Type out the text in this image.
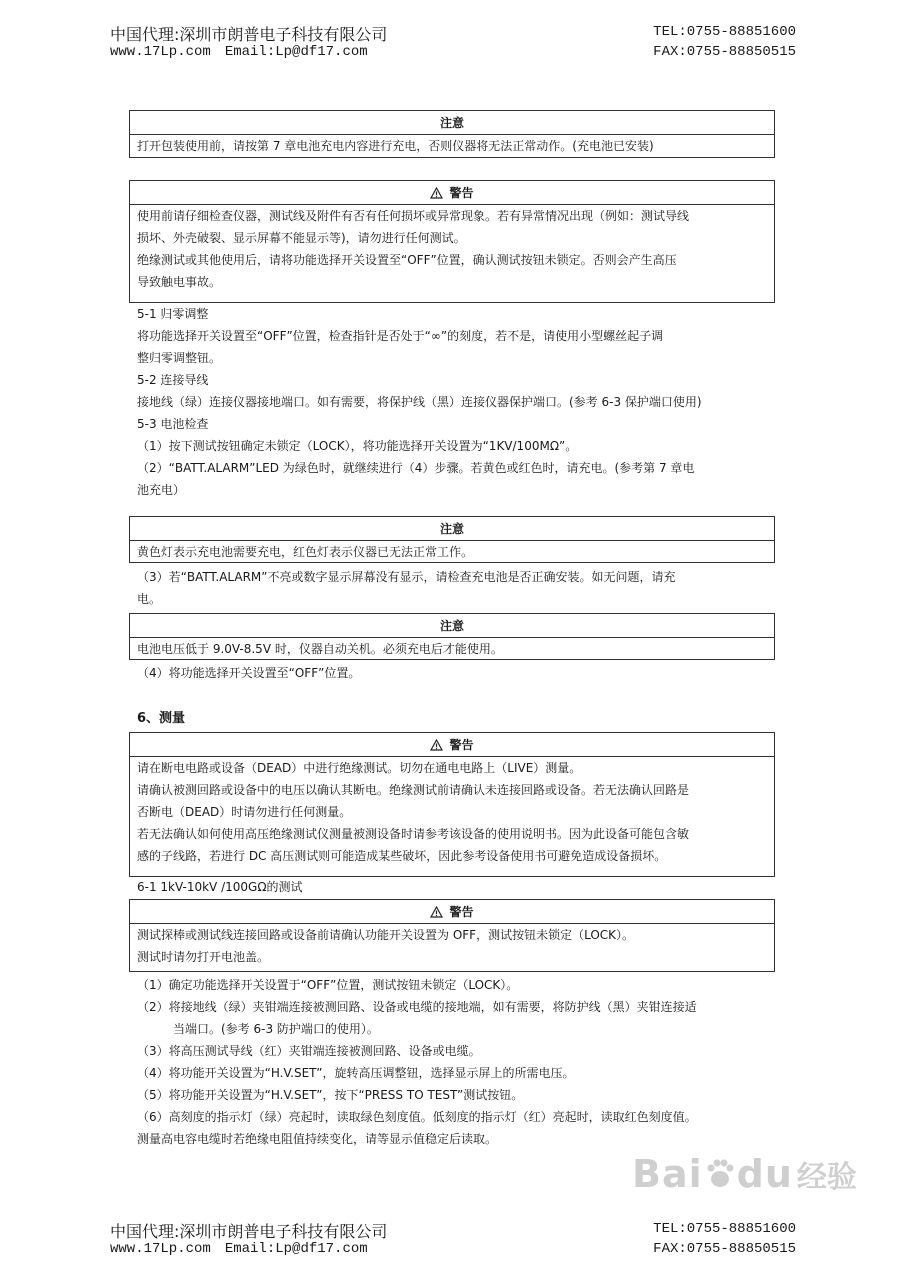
中国代理:深圳市朗普电子科技有限公司	TEL:0755-88851600
www.17Lp.com Email:Lp@df17.com	FAX:0755-88850515
注意

打开包装使用前，请按第 7 章电池充电内容进行充电，否则仪器将无法正常动作。(充电池已安装)

警告

使用前请仔细检查仪器，测试线及附件有否有任何损坏或异常现象。若有异常情况出现（例如：测试导线

损坏、外壳破裂、显示屏幕不能显示等)，请勿进行任何测试。

绝缘测试或其他使用后，请将功能选择开关设置至“OFF”位置，确认测试按钮未锁定。否则会产生高压

导致触电事故。

5-1 归零调整

将功能选择开关设置至“OFF”位置，检查指针是否处于“∞”的刻度，若不是，请使用小型螺丝起子调

整归零调整钮。

5-2 连接导线

接地线（绿）连接仪器接地端口。如有需要，将保护线（黑）连接仪器保护端口。(参考 6-3 保护端口使用)

5-3 电池检查

（1）按下测试按钮确定未锁定（LOCK），将功能选择开关设置为“1KV/100MΩ”。

（2）“BATT.ALARM”LED 为绿色时，就继续进行（4）步骤。若黄色或红色时，请充电。(参考第 7 章电

池充电）

注意

黄色灯表示充电池需要充电，红色灯表示仪器已无法正常工作。

（3）若“BATT.ALARM”不亮或数字显示屏幕没有显示，请检查充电池是否正确安装。如无问题，请充

电。

注意

电池电压低于 9.0V-8.5V 时，仪器自动关机。必须充电后才能使用。

（4）将功能选择开关设置至“OFF”位置。

6、测量
警告

请在断电电路或设备（DEAD）中进行绝缘测试。切勿在通电电路上（LIVE）测量。

请确认被测回路或设备中的电压以确认其断电。绝缘测试前请确认未连接回路或设备。若无法确认回路是

否断电（DEAD）时请勿进行任何测量。

若无法确认如何使用高压绝缘测试仪测量被测设备时请参考该设备的使用说明书。因为此设备可能包含敏

感的子线路，若进行 DC 高压测试则可能造成某些破坏，因此参考设备使用书可避免造成设备损坏。

6-1 1kV-10kV /100GΩ的测试

警告

测试探棒或测试线连接回路或设备前请确认功能开关设置为 OFF，测试按钮未锁定（LOCK）。

测试时请勿打开电池盖。

（1）确定功能选择开关设置于“OFF”位置，测试按钮未锁定（LOCK）。

（2）将接地线（绿）夹钳端连接被测回路、设备或电缆的接地端，如有需要，将防护线（黑）夹钳连接适

当端口。(参考 6-3 防护端口的使用）。

（3）将高压测试导线（红）夹钳端连接被测回路、设备或电缆。

（4）将功能开关设置为“H.V.SET”，旋转高压调整钮，选择显示屏上的所需电压。

（5）将功能开关设置为“H.V.SET”，按下“PRESS TO TEST”测试按钮。

（6）高刻度的指示灯（绿）亮起时，读取绿色刻度值。低刻度的指示灯（红）亮起时，读取红色刻度值。

测量高电容电缆时若绝缘电阻值持续变化，请等显示值稳定后读取。

Bai du 经验
中国代理:深圳市朗普电子科技有限公司	TEL:0755-88851600
www.17Lp.com Email:Lp@df17.com	FAX:0755-88850515
